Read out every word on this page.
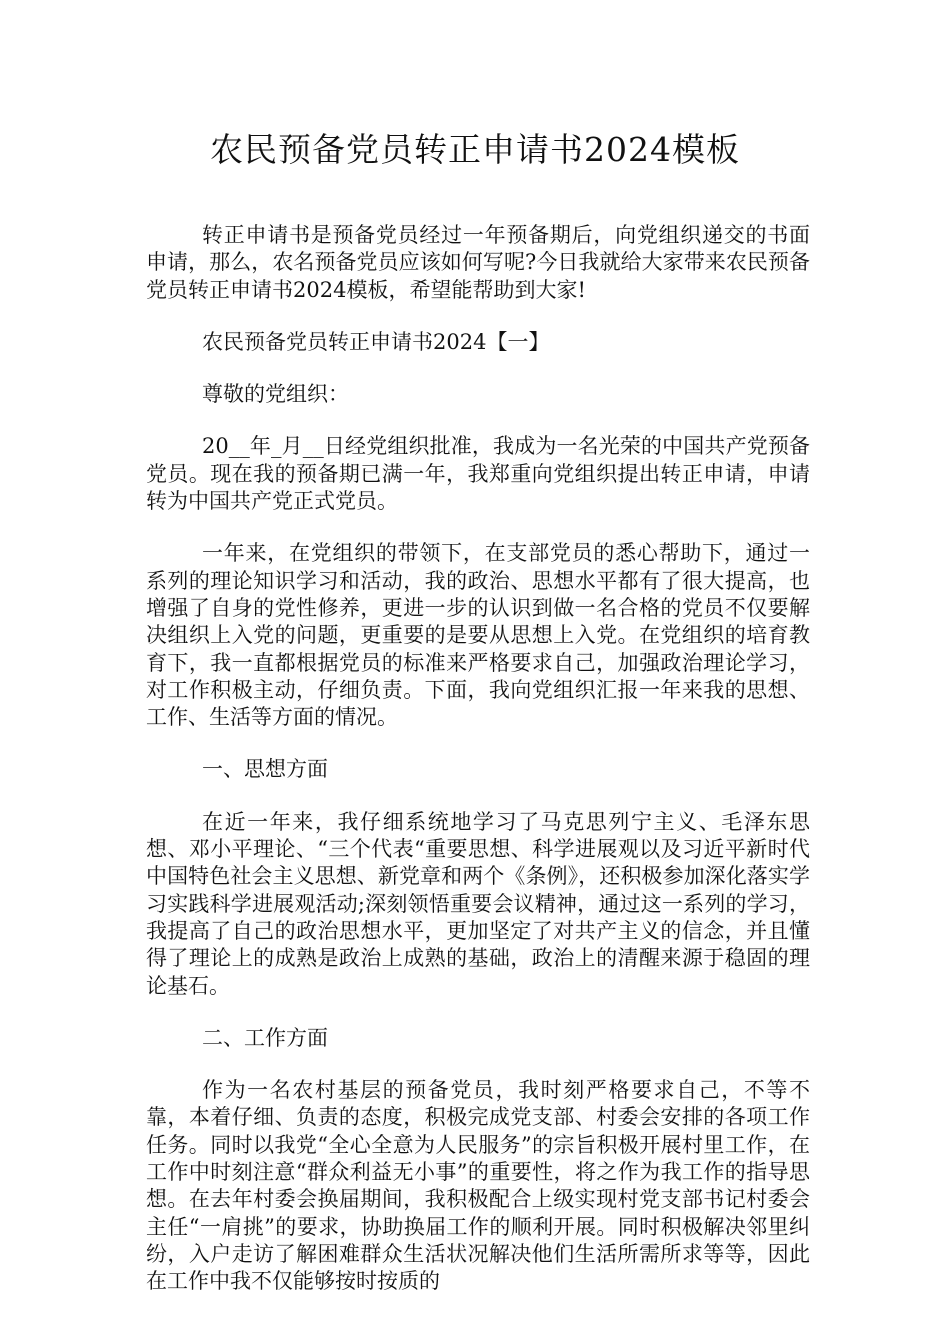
农民预备党员转正申请书2024模板

转正申请书是预备党员经过一年预备期后，向党组织递交的书面申请，那么，农名预备党员应该如何写呢?今日我就给大家带来农民预备党员转正申请书2024模板，希望能帮助到大家!

农民预备党员转正申请书2024【一】

尊敬的党组织：

20__年_月__日经党组织批准，我成为一名光荣的中国共产党预备党员。现在我的预备期已满一年，我郑重向党组织提出转正申请，申请转为中国共产党正式党员。

一年来，在党组织的带领下，在支部党员的悉心帮助下，通过一系列的理论知识学习和活动，我的政治、思想水平都有了很大提高，也增强了自身的党性修养，更进一步的认识到做一名合格的党员不仅要解决组织上入党的问题，更重要的是要从思想上入党。在党组织的培育教育下，我一直都根据党员的标准来严格要求自己，加强政治理论学习，对工作积极主动，仔细负责。下面，我向党组织汇报一年来我的思想、工作、生活等方面的情况。

一、思想方面

在近一年来，我仔细系统地学习了马克思列宁主义、毛泽东思想、邓小平理论、“三个代表“重要思想、科学进展观以及习近平新时代中国特色社会主义思想、新党章和两个《条例》，还积极参加深化落实学习实践科学进展观活动;深刻领悟重要会议精神，通过这一系列的学习，我提高了自己的政治思想水平，更加坚定了对共产主义的信念，并且懂得了理论上的成熟是政治上成熟的基础，政治上的清醒来源于稳固的理论基石。

二、工作方面

作为一名农村基层的预备党员，我时刻严格要求自己，不等不靠，本着仔细、负责的态度，积极完成党支部、村委会安排的各项工作任务。同时以我党“全心全意为人民服务”的宗旨积极开展村里工作，在工作中时刻注意“群众利益无小事”的重要性，将之作为我工作的指导思想。在去年村委会换届期间，我积极配合上级实现村党支部书记村委会主任“一肩挑”的要求，协助换届工作的顺利开展。同时积极解决邻里纠纷，入户走访了解困难群众生活状况解决他们生活所需所求等等，因此在工作中我不仅能够按时按质的
